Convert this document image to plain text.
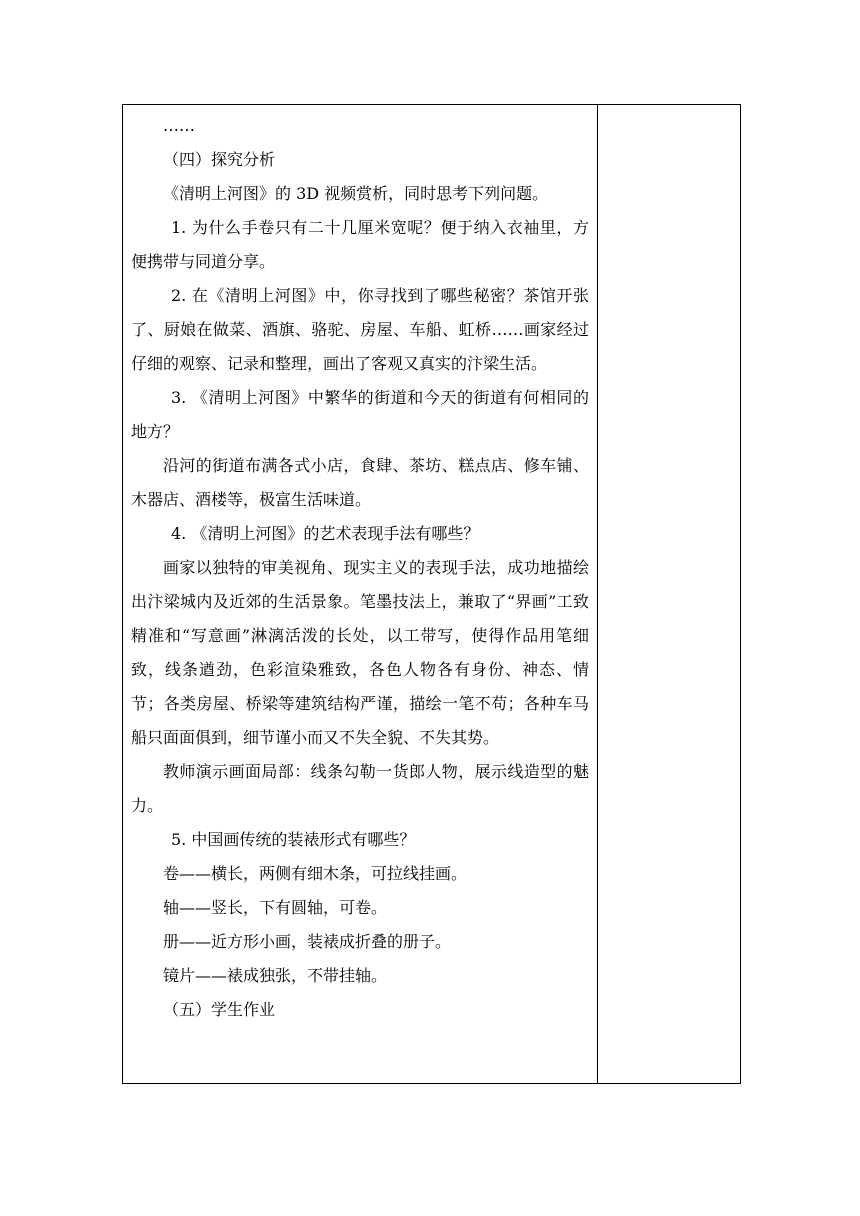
……

（四）探究分析

《清明上河图》的 3D 视频赏析，同时思考下列问题。

1. 为什么手卷只有二十几厘米宽呢？便于纳入衣袖里，方便携带与同道分享。

2. 在《清明上河图》中，你寻找到了哪些秘密？茶馆开张了、厨娘在做菜、酒旗、骆驼、房屋、车船、虹桥……画家经过仔细的观察、记录和整理，画出了客观又真实的汴梁生活。

3. 《清明上河图》中繁华的街道和今天的街道有何相同的地方？

沿河的街道布满各式小店，食肆、茶坊、糕点店、修车铺、木器店、酒楼等，极富生活味道。

4. 《清明上河图》的艺术表现手法有哪些？

画家以独特的审美视角、现实主义的表现手法，成功地描绘出汴梁城内及近郊的生活景象。笔墨技法上，兼取了“界画”工致精准和“写意画”淋漓活泼的长处，以工带写，使得作品用笔细致，线条遒劲，色彩渲染雅致，各色人物各有身份、神态、情节；各类房屋、桥梁等建筑结构严谨，描绘一笔不苟；各种车马船只面面俱到，细节谨小而又不失全貌、不失其势。

教师演示画面局部：线条勾勒一货郎人物，展示线造型的魅力。

5. 中国画传统的装裱形式有哪些？

卷——横长，两侧有细木条，可拉线挂画。

轴——竖长，下有圆轴，可卷。

册——近方形小画，装裱成折叠的册子。

镜片——裱成独张，不带挂轴。

（五）学生作业
